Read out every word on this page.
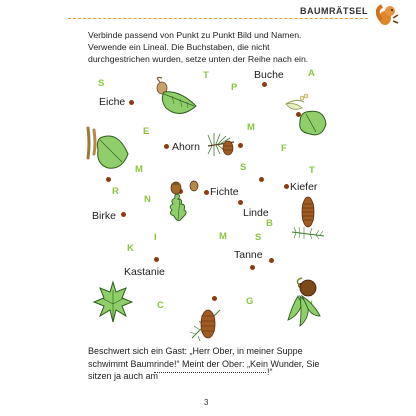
BAUMRÄTSEL
Verbinde passend von Punkt zu Punkt Bild und Namen. Verwende ein Lineal. Die Buchstaben, die nicht durchgestrichen wurden, setze unten der Reihe nach ein.
S
T
P
A
E	M
F
M	S	T
R
N
B
K
I	M	S
G
C
Buche
Eiche
Ahorn
Fichte	Kiefer
Linde
Birke
Tanne
Kastanie
Beschwert sich ein Gast: „Herr Ober, in meiner Suppe
schwimmt Baumrinde!“ Meint der Ober: „Kein Wunder, Sie
sitzen ja auch am	!“
3
